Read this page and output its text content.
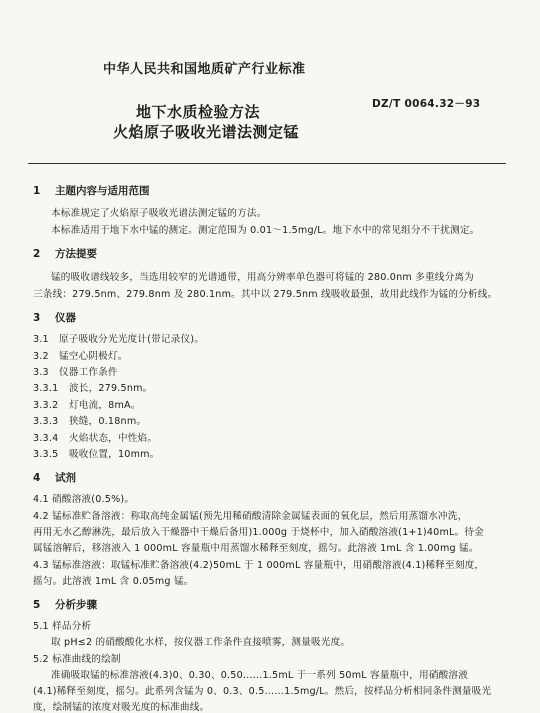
中华人民共和国地质矿产行业标准
DZ/T 0064.32－93
地下水质检验方法
火焰原子吸收光谱法测定锰
1 主题内容与适用范围
本标准规定了火焰原子吸收光谱法测定锰的方法。
本标准适用于地下水中锰的测定。测定范围为 0.01～1.5mg/L。地下水中的常见组分不干扰测定。
2 方法提要
锰的吸收谱线较多，当选用较窄的光谱通带，用高分辨率单色器可将锰的 280.0nm 多重线分离为
三条线：279.5nm、279.8nm 及 280.1nm。其中以 279.5nm 线吸收最强，故用此线作为锰的分析线。
3 仪器
3.1 原子吸收分光光度计(带记录仪)。
3.2 锰空心阴极灯。
3.3 仪器工作条件
3.3.1 波长，279.5nm。
3.3.2 灯电流，8mA。
3.3.3 狭缝，0.18nm。
3.3.4 火焰状态，中性焰。
3.3.5 吸收位置，10mm。
4 试剂
4.1 硝酸溶液(0.5%)。
4.2 锰标准贮备溶液：称取高纯金属锰(预先用稀硝酸清除金属锰表面的氧化层，然后用蒸馏水冲洗，
再用无水乙醇淋洗，最后放入干燥器中干燥后备用)1.000g 于烧杯中，加入硝酸溶液(1+1)40mL。待金
属锰溶解后，移溶液入 1 000mL 容量瓶中用蒸馏水稀释至刻度，摇匀。此溶液 1mL 含 1.00mg 锰。
4.3 锰标准溶液：取锰标准贮备溶液(4.2)50mL 于 1 000mL 容量瓶中，用硝酸溶液(4.1)稀释至刻度，
摇匀。此溶液 1mL 含 0.05mg 锰。
5 分析步骤
5.1 样品分析
取 pH≤2 的硝酸酸化水样，按仪器工作条件直接喷雾，测量吸光度。
5.2 标准曲线的绘制
准确吸取锰的标准溶液(4.3)0、0.30、0.50……1.5mL 于一系列 50mL 容量瓶中，用硝酸溶液
(4.1)稀释至刻度，摇匀。此系列含锰为 0、0.3、0.5……1.5mg/L。然后，按样品分析相同条件测量吸光
度，绘制锰的浓度对吸光度的标准曲线。
